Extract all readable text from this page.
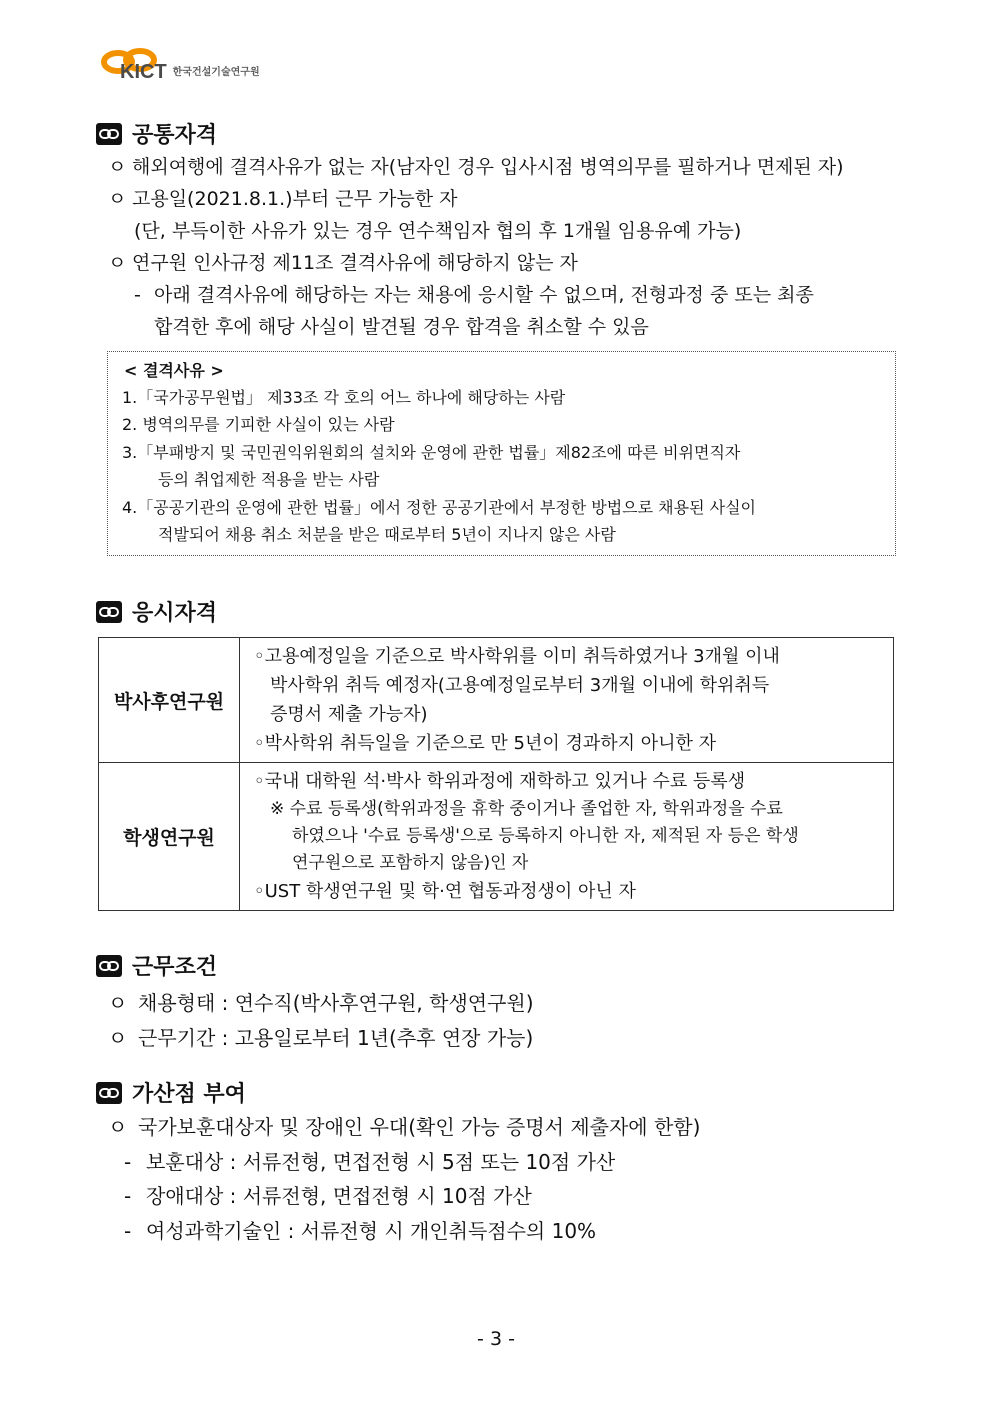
KICT 한국건설기술연구원
공통자격
ㅇ 해외여행에 결격사유가 없는 자(남자인 경우 입사시점 병역의무를 필하거나 면제된 자)
ㅇ 고용일(2021.8.1.)부터 근무 가능한 자
(단, 부득이한 사유가 있는 경우 연수책임자 협의 후 1개월 임용유예 가능)
ㅇ 연구원 인사규정 제11조 결격사유에 해당하지 않는 자
- 아래 결격사유에 해당하는 자는 채용에 응시할 수 없으며, 전형과정 중 또는 최종
합격한 후에 해당 사실이 발견될 경우 합격을 취소할 수 있음
< 결격사유 >
1.「국가공무원법」 제33조 각 호의 어느 하나에 해당하는 사람
2. 병역의무를 기피한 사실이 있는 사람
3.「부패방지 및 국민권익위원회의 설치와 운영에 관한 법률」제82조에 따른 비위면직자
등의 취업제한 적용을 받는 사람
4.「공공기관의 운영에 관한 법률」에서 정한 공공기관에서 부정한 방법으로 채용된 사실이
적발되어 채용 취소 처분을 받은 때로부터 5년이 지나지 않은 사람
응시자격
박사후연구원	◦고용예정일을 기준으로 박사학위를 이미 취득하였거나 3개월 이내
박사학위 취득 예정자(고용예정일로부터 3개월 이내에 학위취득
증명서 제출 가능자)
◦박사학위 취득일을 기준으로 만 5년이 경과하지 아니한 자

학생연구원	◦국내 대학원 석·박사 학위과정에 재학하고 있거나 수료 등록생
※ 수료 등록생(학위과정을 휴학 중이거나 졸업한 자, 학위과정을 수료
하였으나 '수료 등록생'으로 등록하지 아니한 자, 제적된 자 등은 학생
연구원으로 포함하지 않음)인 자
◦UST 학생연구원 및 학·연 협동과정생이 아닌 자
근무조건
ㅇ 채용형태 : 연수직(박사후연구원, 학생연구원)
ㅇ 근무기간 : 고용일로부터 1년(추후 연장 가능)
가산점 부여
ㅇ 국가보훈대상자 및 장애인 우대(확인 가능 증명서 제출자에 한함)
- 보훈대상 : 서류전형, 면접전형 시 5점 또는 10점 가산
- 장애대상 : 서류전형, 면접전형 시 10점 가산
- 여성과학기술인 : 서류전형 시 개인취득점수의 10%
- 3 -
